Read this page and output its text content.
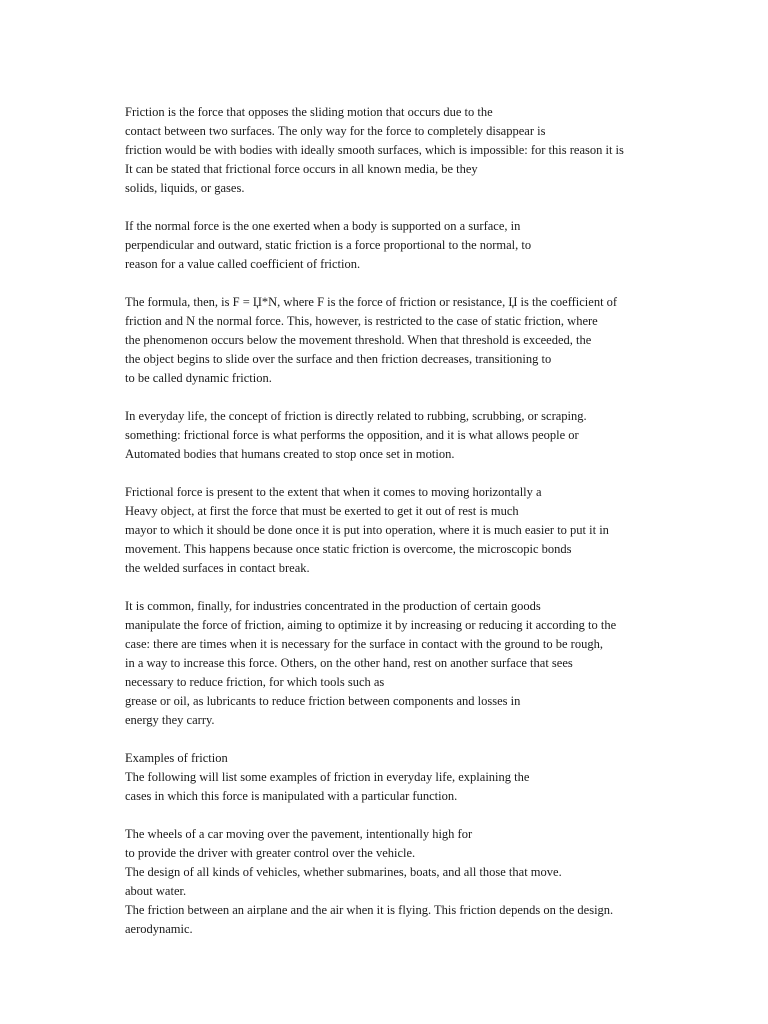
Friction is the force that opposes the sliding motion that occurs due to the
contact between two surfaces. The only way for the force to completely disappear is
friction would be with bodies with ideally smooth surfaces, which is impossible: for this reason it is
It can be stated that frictional force occurs in all known media, be they
solids, liquids, or gases.
If the normal force is the one exerted when a body is supported on a surface, in
perpendicular and outward, static friction is a force proportional to the normal, to
reason for a value called coefficient of friction.
The formula, then, is F = Џ*N, where F is the force of friction or resistance, Џ is the coefficient of
friction and N the normal force. This, however, is restricted to the case of static friction, where
the phenomenon occurs below the movement threshold. When that threshold is exceeded, the
the object begins to slide over the surface and then friction decreases, transitioning to
to be called dynamic friction.
In everyday life, the concept of friction is directly related to rubbing, scrubbing, or scraping.
something: frictional force is what performs the opposition, and it is what allows people or
Automated bodies that humans created to stop once set in motion.
Frictional force is present to the extent that when it comes to moving horizontally a
Heavy object, at first the force that must be exerted to get it out of rest is much
mayor to which it should be done once it is put into operation, where it is much easier to put it in
movement. This happens because once static friction is overcome, the microscopic bonds
the welded surfaces in contact break.
It is common, finally, for industries concentrated in the production of certain goods
manipulate the force of friction, aiming to optimize it by increasing or reducing it according to the
case: there are times when it is necessary for the surface in contact with the ground to be rough,
in a way to increase this force. Others, on the other hand, rest on another surface that sees
necessary to reduce friction, for which tools such as
grease or oil, as lubricants to reduce friction between components and losses in
energy they carry.
Examples of friction
The following will list some examples of friction in everyday life, explaining the
cases in which this force is manipulated with a particular function.
The wheels of a car moving over the pavement, intentionally high for
to provide the driver with greater control over the vehicle.
The design of all kinds of vehicles, whether submarines, boats, and all those that move.
about water.
The friction between an airplane and the air when it is flying. This friction depends on the design.
aerodynamic.
